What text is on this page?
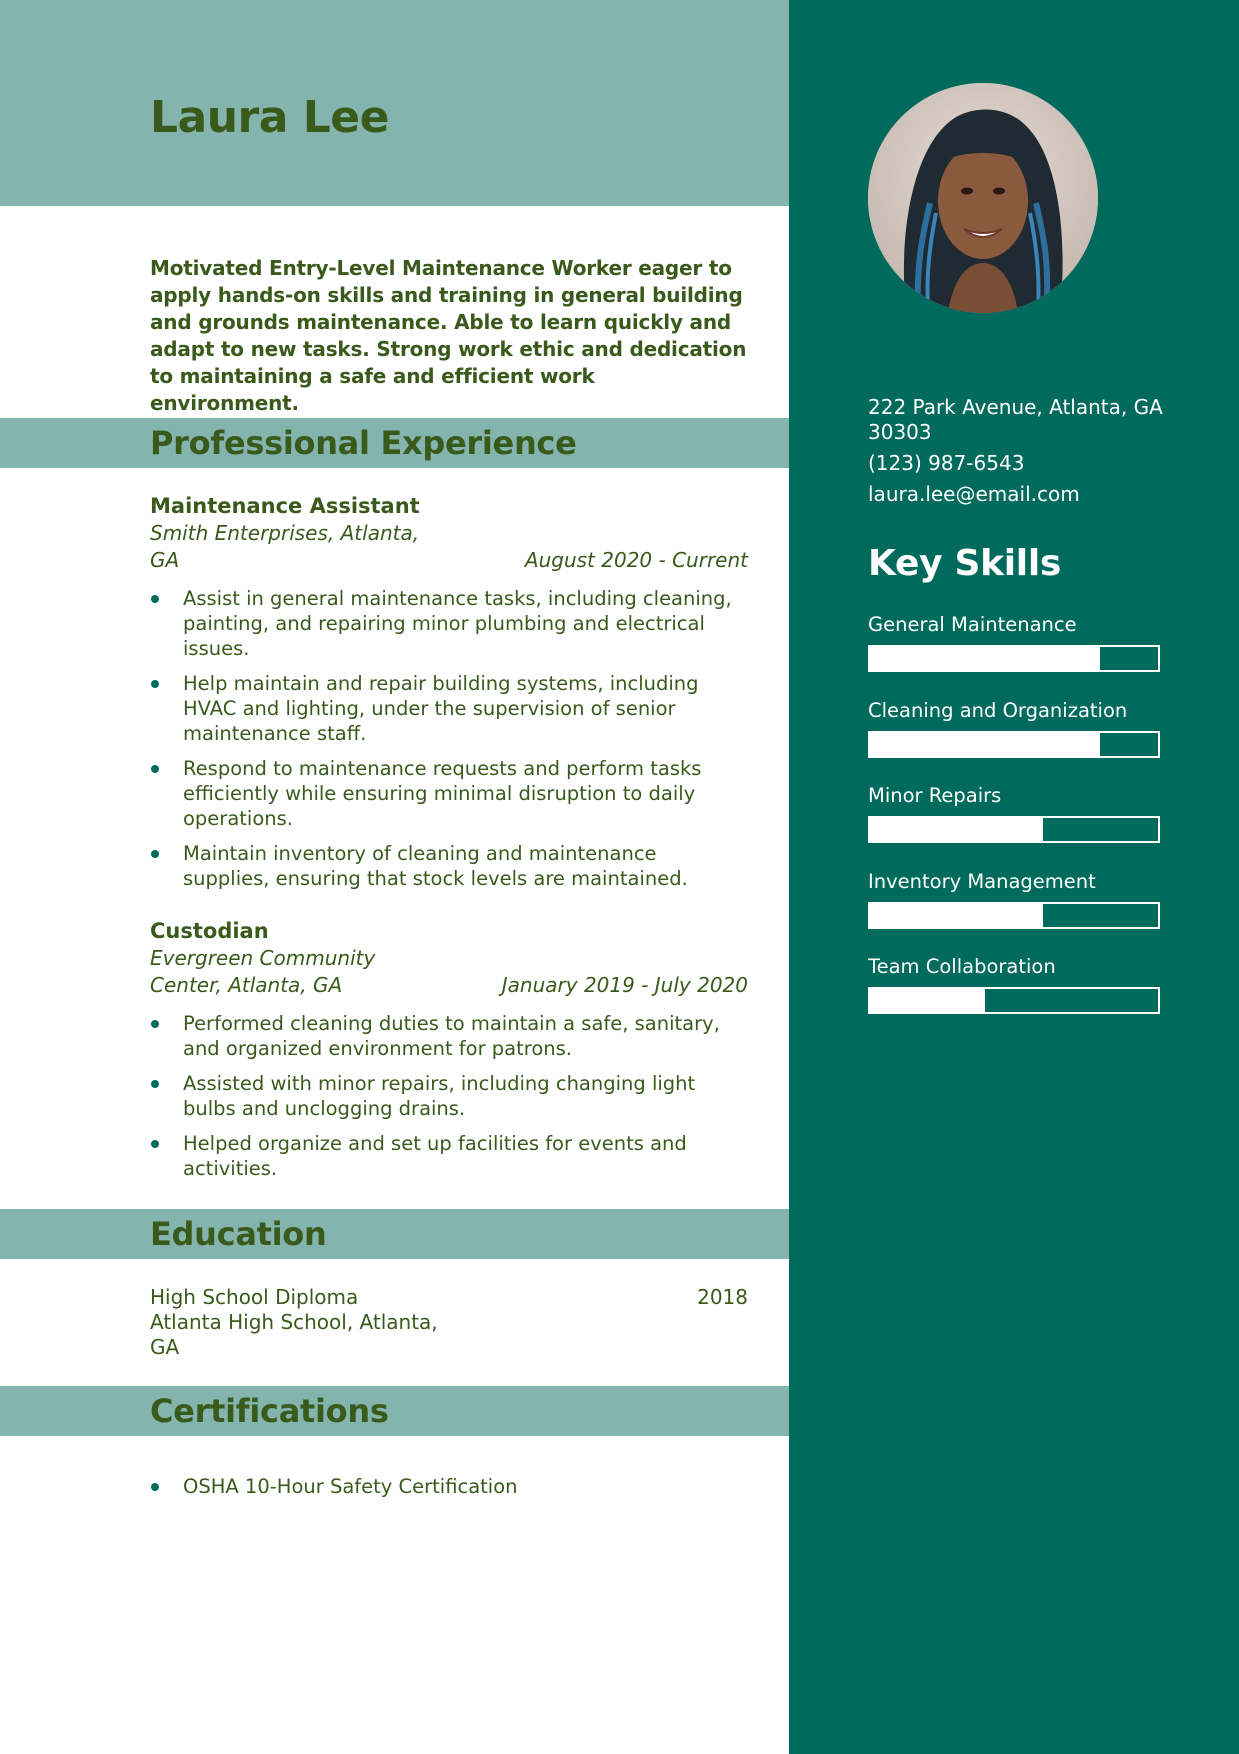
Laura Lee

Motivated Entry-Level Maintenance Worker eager to apply hands-on skills and training in general building and grounds maintenance. Able to learn quickly and adapt to new tasks. Strong work ethic and dedication to maintaining a safe and efficient work environment.

Professional Experience
Maintenance Assistant
Smith Enterprises, Atlanta, GA	August 2020 - Current
Assist in general maintenance tasks, including cleaning, painting, and repairing minor plumbing and electrical issues.
Help maintain and repair building systems, including HVAC and lighting, under the supervision of senior maintenance staff.
Respond to maintenance requests and perform tasks efficiently while ensuring minimal disruption to daily operations.
Maintain inventory of cleaning and maintenance supplies, ensuring that stock levels are maintained.
Custodian
Evergreen Community Center, Atlanta, GA	January 2019 - July 2020
Performed cleaning duties to maintain a safe, sanitary, and organized environment for patrons.
Assisted with minor repairs, including changing light bulbs and unclogging drains.
Helped organize and set up facilities for events and activities.
Education
High School Diploma
Atlanta High School, Atlanta, GA
2018
Certifications
OSHA 10-Hour Safety Certification
222 Park Avenue, Atlanta, GA 30303
(123) 987-6543
laura.lee@email.com
Key Skills
General Maintenance
Cleaning and Organization
Minor Repairs
Inventory Management
Team Collaboration
